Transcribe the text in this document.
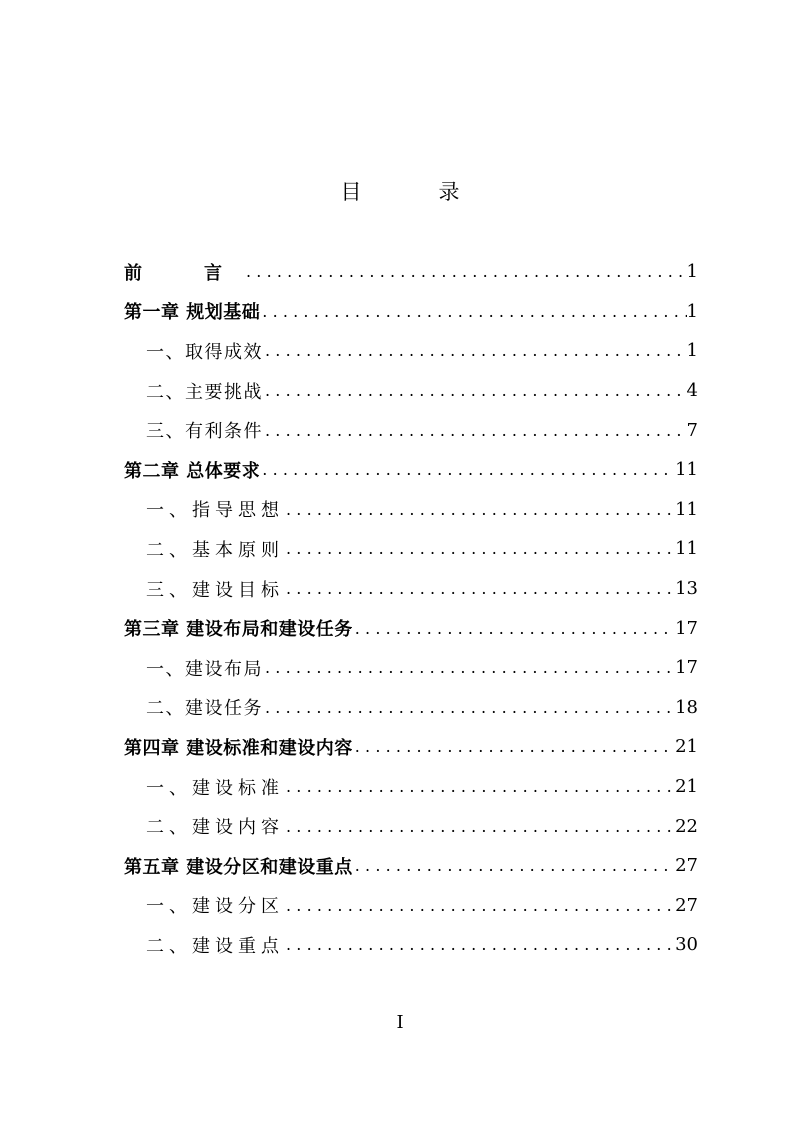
目　录
前　言 .....	1
第一章 规划基础 .....	1
一、取得成效 .....	1
二、主要挑战 .....	4
三、有利条件 .....	7
第二章 总体要求 .....	11
一、指导思想 .....	11
二、基本原则 .....	11
三、建设目标 .....	13
第三章 建设布局和建设任务 .....	17
一、建设布局 .....	17
二、建设任务 .....	18
第四章 建设标准和建设内容 .....	21
一、建设标准 .....	21
二、建设内容 .....	22
第五章 建设分区和建设重点 .....	27
一、建设分区 .....	27
二、建设重点 .....	30
I
